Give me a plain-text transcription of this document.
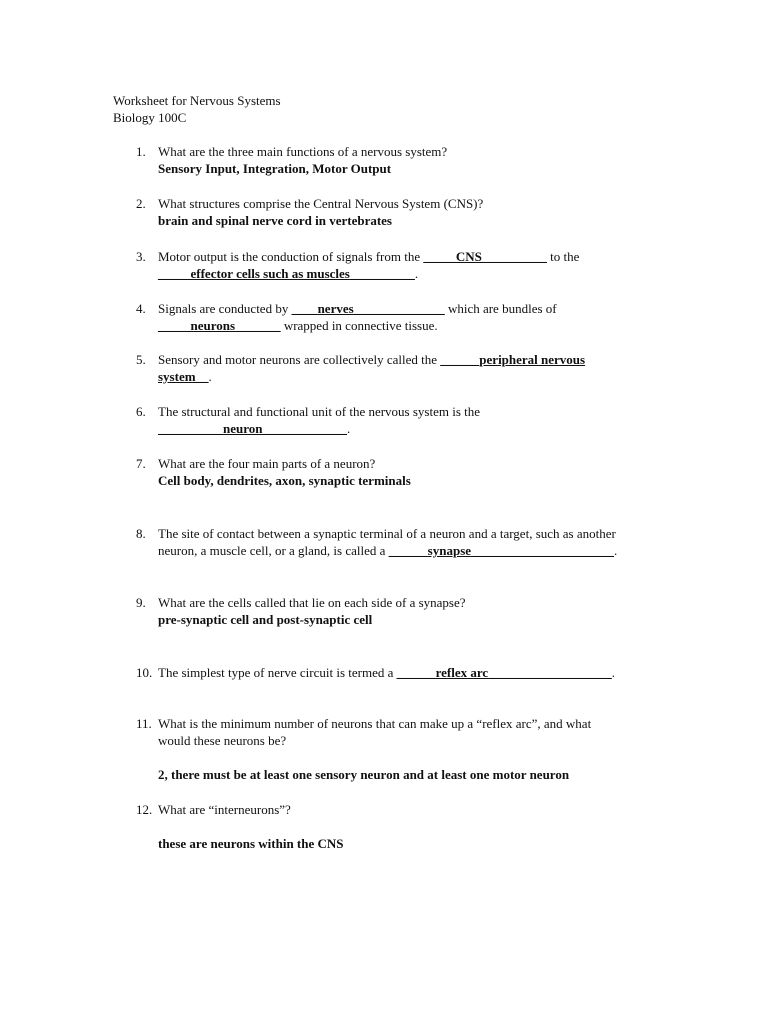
Worksheet for Nervous Systems
Biology 100C
1. What are the three main functions of a nervous system?
Sensory Input, Integration, Motor Output
2. What structures comprise the Central Nervous System (CNS)?
brain and spinal nerve cord in vertebrates
3. Motor output is the conduction of signals from the _____CNS__________ to the
_____effector cells such as muscles__________.
4. Signals are conducted by ____nerves______________ which are bundles of
_____neurons_______ wrapped in connective tissue.
5. Sensory and motor neurons are collectively called the ______peripheral nervous
system__.
6. The structural and functional unit of the nervous system is the
__________neuron_____________.
7. What are the four main parts of a neuron?
Cell body, dendrites, axon, synaptic terminals
8. The site of contact between a synaptic terminal of a neuron and a target, such as another
neuron, a muscle cell, or a gland, is called a ______synapse______________________.
9. What are the cells called that lie on each side of a synapse?
pre-synaptic cell and post-synaptic cell
10. The simplest type of nerve circuit is termed a ______reflex arc___________________.
11. What is the minimum number of neurons that can make up a “reflex arc”, and what
would these neurons be?
2, there must be at least one sensory neuron and at least one motor neuron
12. What are “interneurons”?
these are neurons within the CNS
